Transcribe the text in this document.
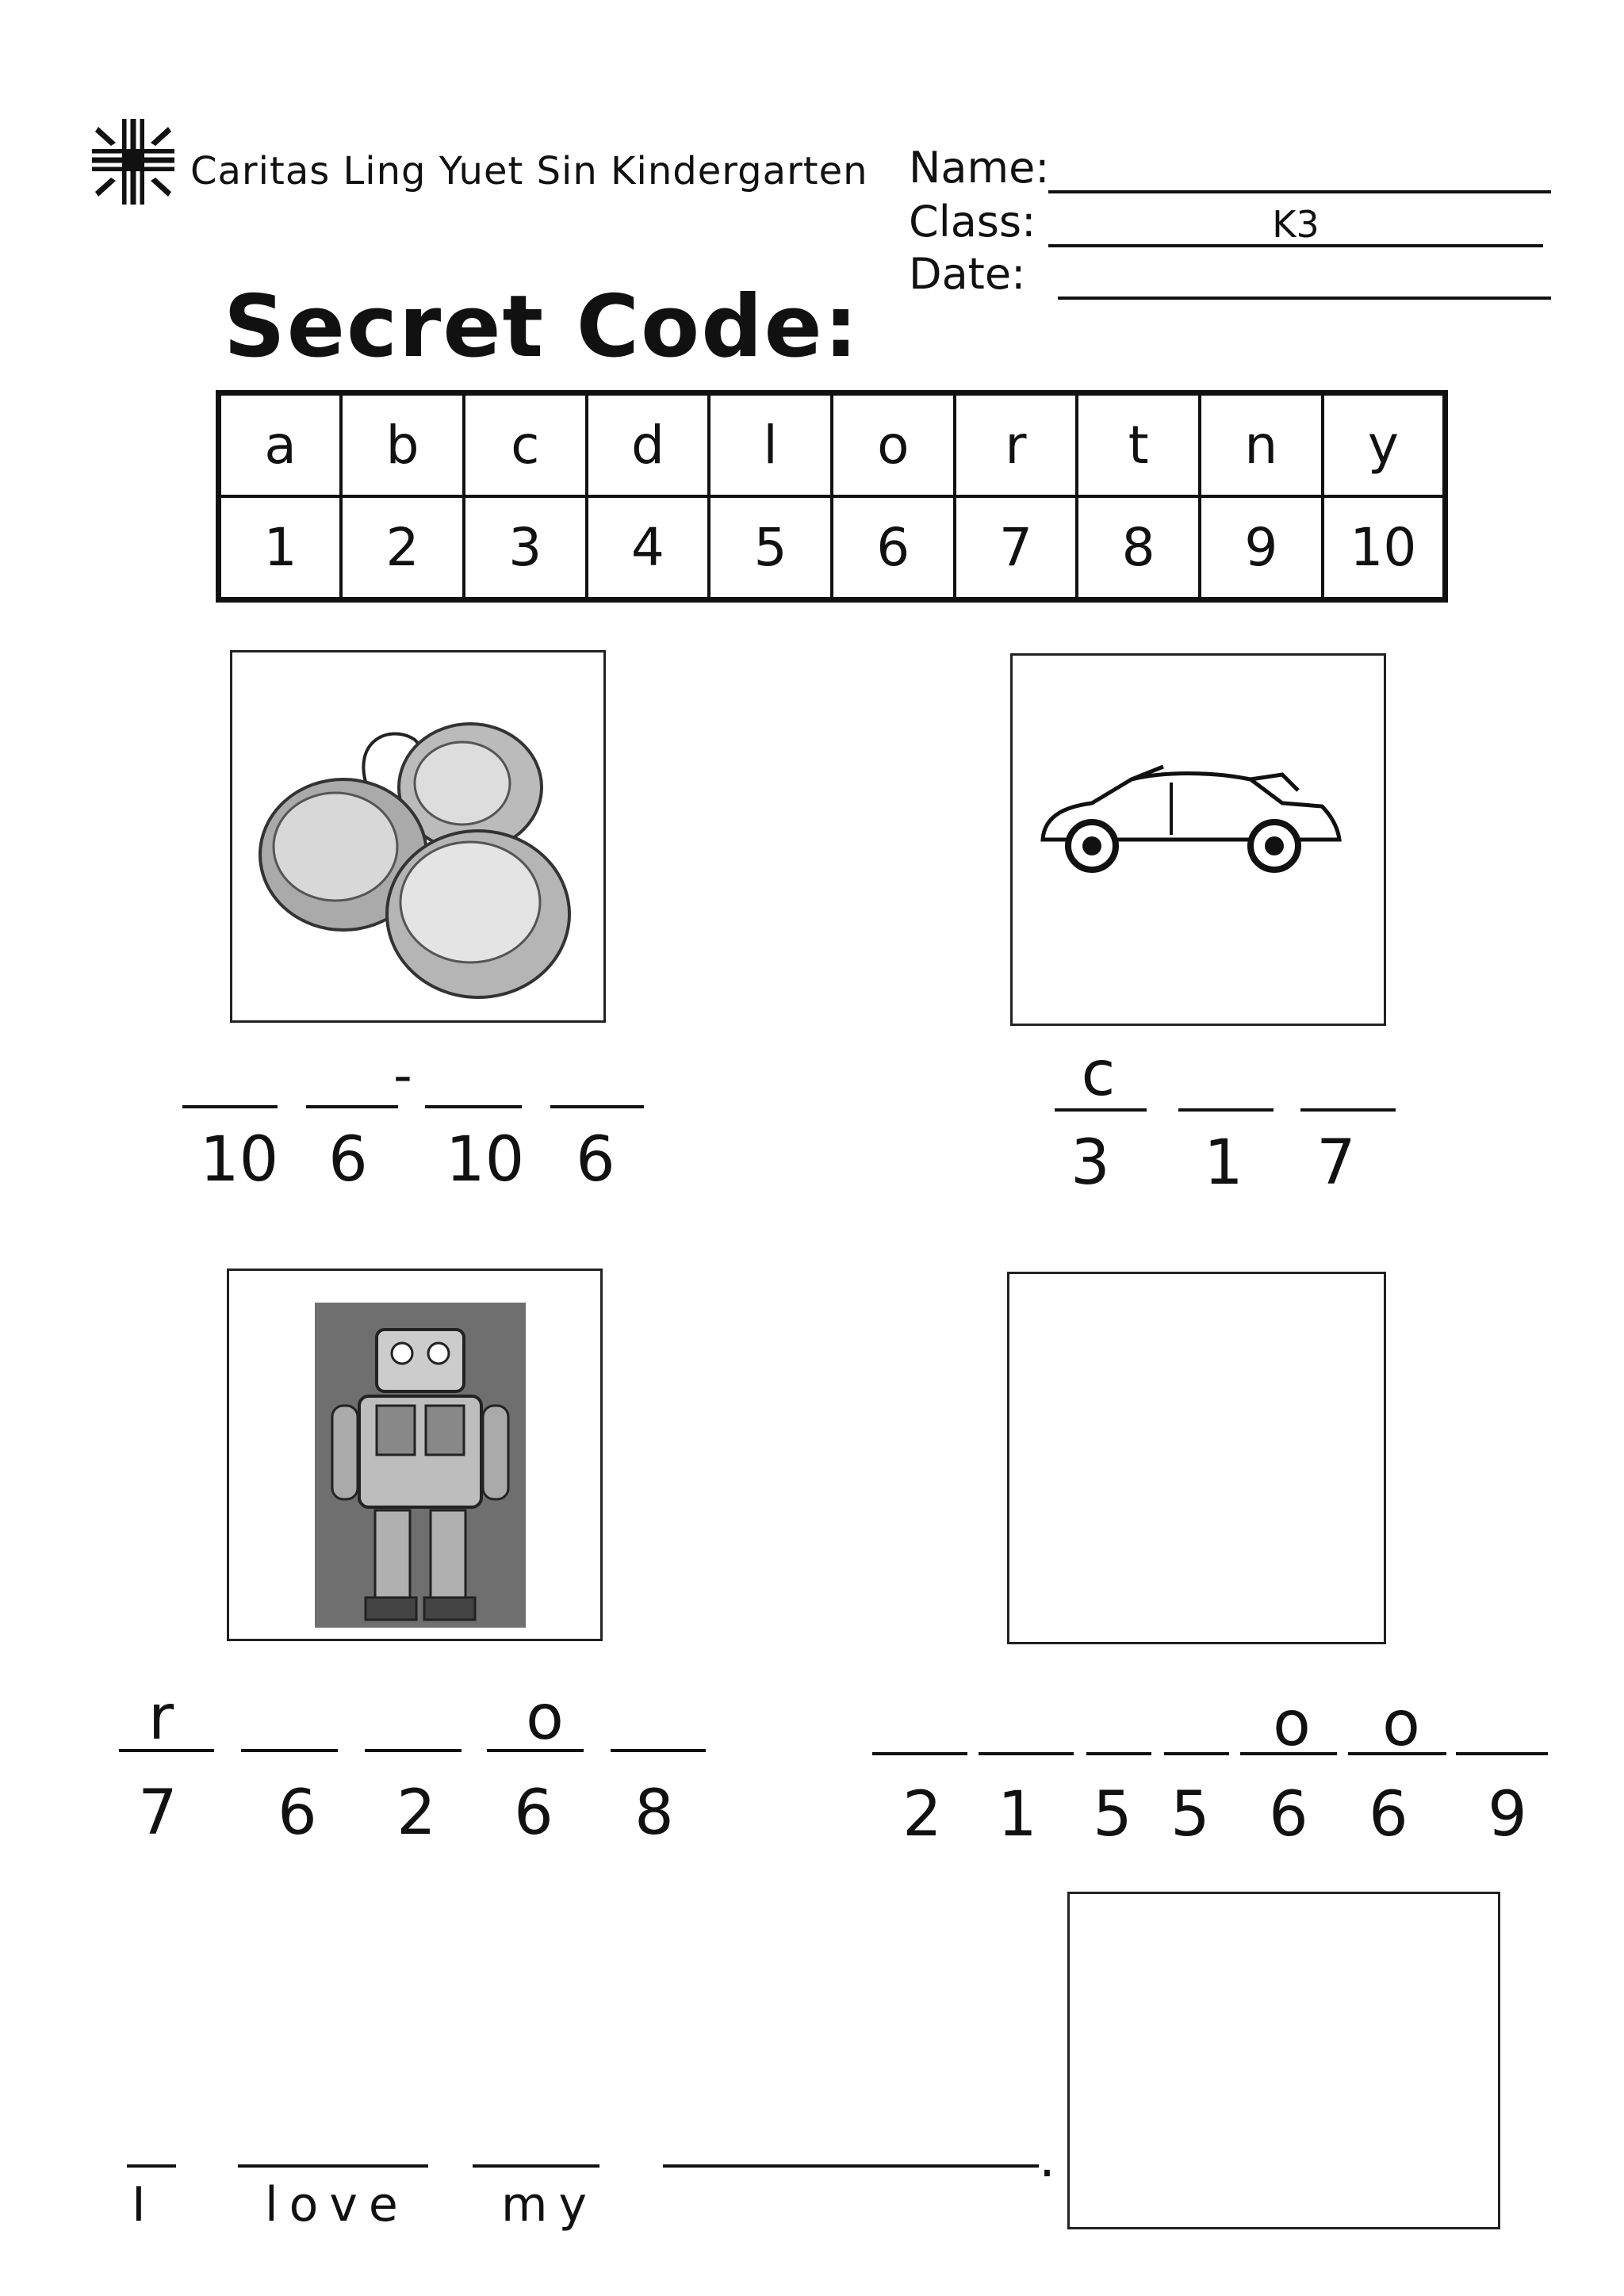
Caritas Ling Yuet Sin Kindergarten Name:
Class:	K3
Date:
Secret Code:
a	b	c	d	l	o	r	t	n	y
1	2	3	4	5	6	7	8	9	10
-
10 6 10 6
c
3 1 7
r	o
7 6 2 6 8
o o
2 1 5 5 6 6 9
.
I love my
